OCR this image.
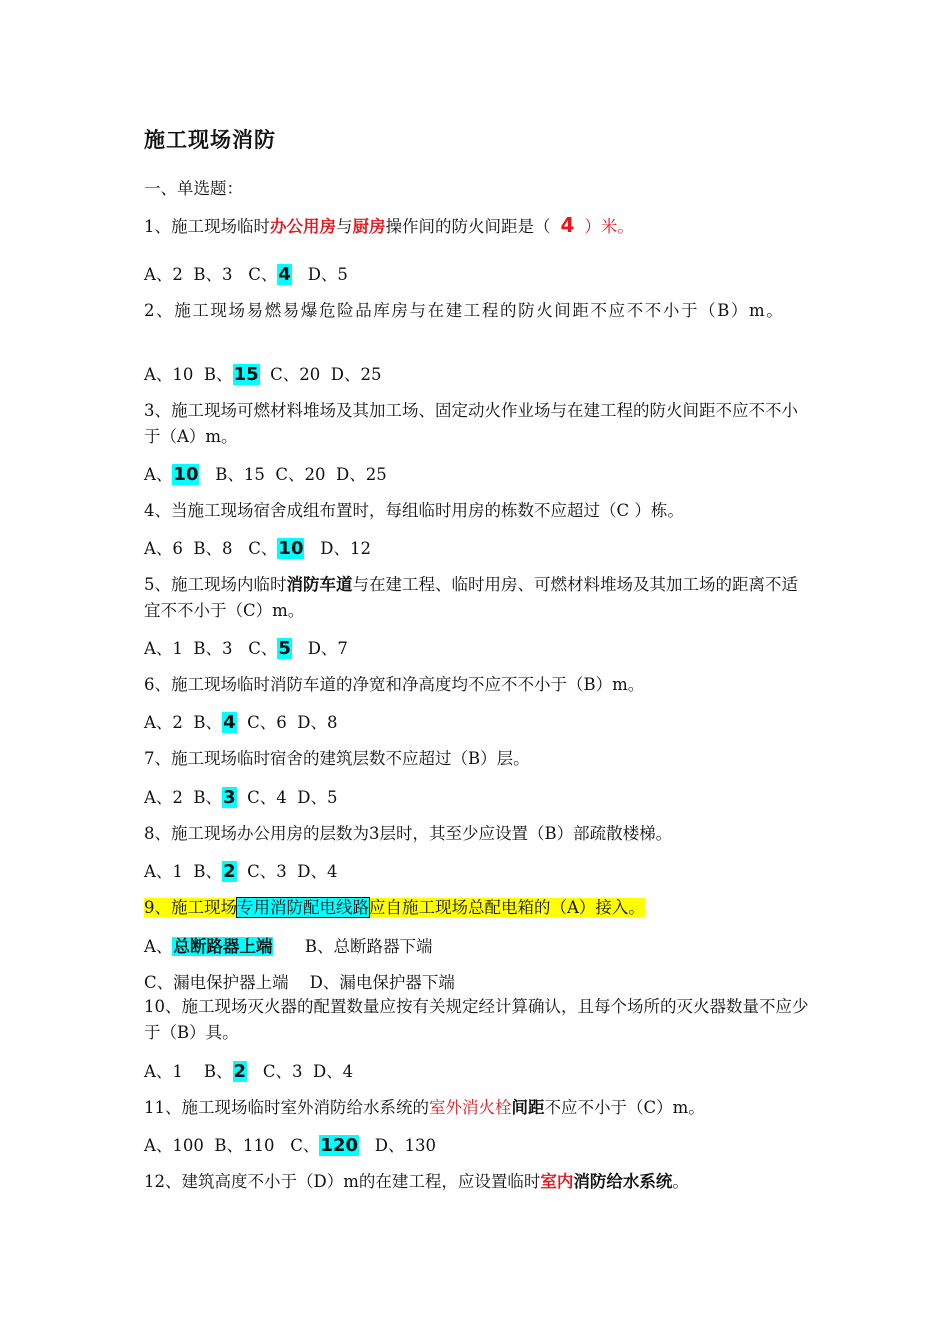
施工现场消防
一、单选题：
1、施工现场临时办公用房与厨房操作间的防火间距是（ 4 ）米。
A、2 B、3 C、4 D、5
2、施工现场易燃易爆危险品库房与在建工程的防火间距不应不不小于（B）m。
A、10 B、15 C、20 D、25
3、施工现场可燃材料堆场及其加工场、固定动火作业场与在建工程的防火间距不应不不小于（A）m。
A、10 B、15 C、20 D、25
4、当施工现场宿舍成组布置时，每组临时用房的栋数不应超过（C ）栋。
A、6 B、8 C、10 D、12
5、施工现场内临时消防车道与在建工程、临时用房、可燃材料堆场及其加工场的距离不适宜不不小于（C）m。
A、1 B、3 C、5 D、7
6、施工现场临时消防车道的净宽和净高度均不应不不小于（B）m。
A、2 B、4 C、6 D、8
7、施工现场临时宿舍的建筑层数不应超过（B）层。
A、2 B、3 C、4 D、5
8、施工现场办公用房的层数为3层时，其至少应设置（B）部疏散楼梯。
A、1 B、2 C、3 D、4
9、施工现场专用消防配电线路应自施工现场总配电箱的（A）接入。
A、总断路器上端 B、总断路器下端
C、漏电保护器上端 D、漏电保护器下端
10、施工现场灭火器的配置数量应按有关规定经计算确认，且每个场所的灭火器数量不应少于（B）具。
A、1 B、2 C、3 D、4
11、施工现场临时室外消防给水系统的室外消火栓间距不应不小于（C）m。
A、100 B、110 C、120 D、130
12、建筑高度不小于（D）m的在建工程，应设置临时室内消防给水系统。
